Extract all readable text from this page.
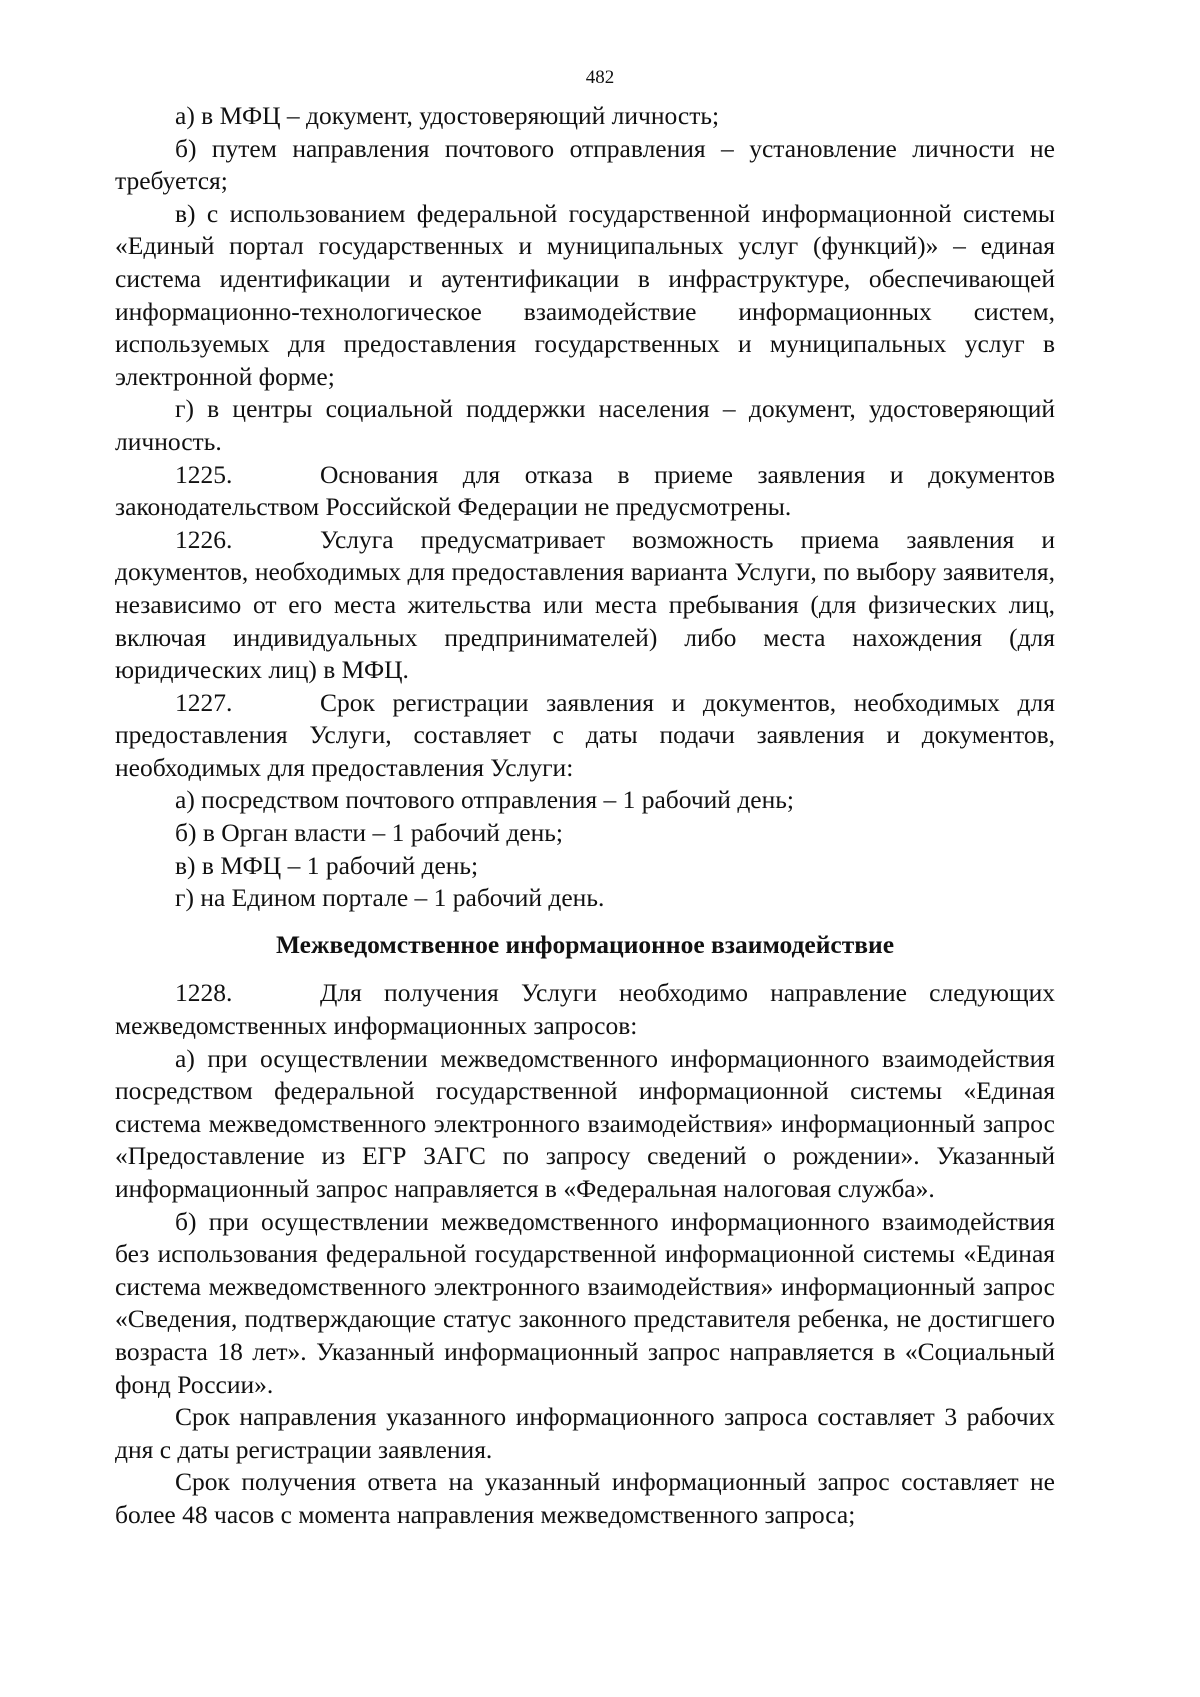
482

а) в МФЦ – документ, удостоверяющий личность;

б) путем направления почтового отправления – установление личности не требуется;

в) с использованием федеральной государственной информационной системы «Единый портал государственных и муниципальных услуг (функций)» – единая система идентификации и аутентификации в инфраструктуре, обеспечивающей информационно-технологическое взаимодействие информационных систем, используемых для предоставления государственных и муниципальных услуг в электронной форме;

г) в центры социальной поддержки населения – документ, удостоверяющий личность.

1225.	Основания для отказа в приеме заявления и документов законодательством Российской Федерации не предусмотрены.

1226.	Услуга предусматривает возможность приема заявления и документов, необходимых для предоставления варианта Услуги, по выбору заявителя, независимо от его места жительства или места пребывания (для физических лиц, включая индивидуальных предпринимателей) либо места нахождения (для юридических лиц) в МФЦ.

1227.	Срок регистрации заявления и документов, необходимых для предоставления Услуги, составляет с даты подачи заявления и документов, необходимых для предоставления Услуги:

а) посредством почтового отправления – 1 рабочий день;

б) в Орган власти – 1 рабочий день;

в) в МФЦ – 1 рабочий день;

г) на Едином портале – 1 рабочий день.

Межведомственное информационное взаимодействие

1228.	Для получения Услуги необходимо направление следующих межведомственных информационных запросов:

а) при осуществлении межведомственного информационного взаимодействия посредством федеральной государственной информационной системы «Единая система межведомственного электронного взаимодействия» информационный запрос «Предоставление из ЕГР ЗАГС по запросу сведений о рождении». Указанный информационный запрос направляется в «Федеральная налоговая служба».

б) при осуществлении межведомственного информационного взаимодействия без использования федеральной государственной информационной системы «Единая система межведомственного электронного взаимодействия» информационный запрос «Сведения, подтверждающие статус законного представителя ребенка, не достигшего возраста 18 лет». Указанный информационный запрос направляется в «Социальный фонд России».

Срок направления указанного информационного запроса составляет 3 рабочих дня с даты регистрации заявления.

Срок получения ответа на указанный информационный запрос составляет не более 48 часов с момента направления межведомственного запроса;
